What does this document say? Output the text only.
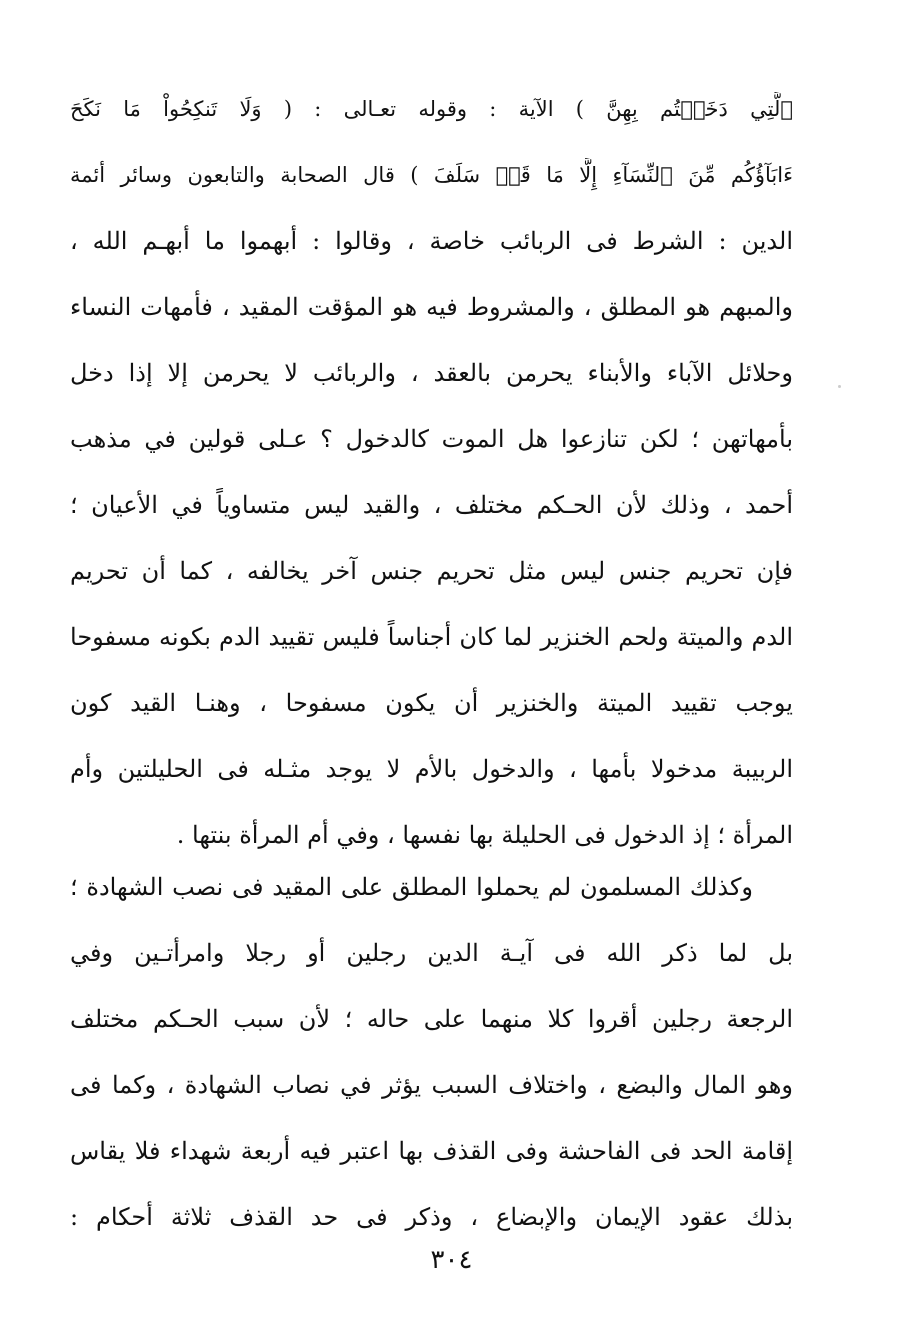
ٱلَّتِي دَخَلۡتُم بِهِنَّ ) الآية : وقوله تعـالى : ( وَلَا تَنكِحُواْ مَا نَكَحَ
ءَابَآؤُكُم مِّنَ ٱلنِّسَآءِ إِلَّا مَا قَدۡ سَلَفَ ) قال الصحابة والتابعون وسائر أئمة
الدين : الشرط فى الربائب خاصة ، وقالوا : أبهموا ما أبهـم الله ،
والمبهم هو المطلق ، والمشروط فيه هو المؤقت المقيد ، فأمهات النساء
وحلائل الآباء والأبناء يحرمن بالعقد ، والربائب لا يحرمن إلا إذا دخل
بأمهاتهن ؛ لكن تنازعوا هل الموت كالدخول ؟ عـلى قولين في مذهب
أحمد ، وذلك لأن الحـكم مختلف ، والقيد ليس متساوياً في الأعيان ؛
فإن تحريم جنس ليس مثل تحريم جنس آخر يخالفه ، كما أن تحريم
الدم والميتة ولحم الخنزير لما كان أجناساً فليس تقييد الدم بكونه مسفوحا
يوجب تقييد الميتة والخنزير أن يكون مسفوحا ، وهنـا القيد كون
الربيبة مدخولا بأمها ، والدخول بالأم لا يوجد مثـله فى الحليلتين وأم
المرأة ؛ إذ الدخول فى الحليلة بها نفسها ، وفي أم المرأة بنتها .
وكذلك المسلمون لم يحملوا المطلق على المقيد فى نصب الشهادة ؛
بل لما ذكر الله فى آيـة الدين رجلين أو رجلا وامرأتـين وفي
الرجعة رجلين أقروا كلا منهما على حاله ؛ لأن سبب الحـكم مختلف
وهو المال والبضع ، واختلاف السبب يؤثر في نصاب الشهادة ، وكما فى
إقامة الحد فى الفاحشة وفى القذف بها اعتبر فيه أربعة شهداء فلا يقاس
بذلك عقود الإيمان والإبضاع ، وذكر فى حد القذف ثلاثة أحكام :
٣٠٤
